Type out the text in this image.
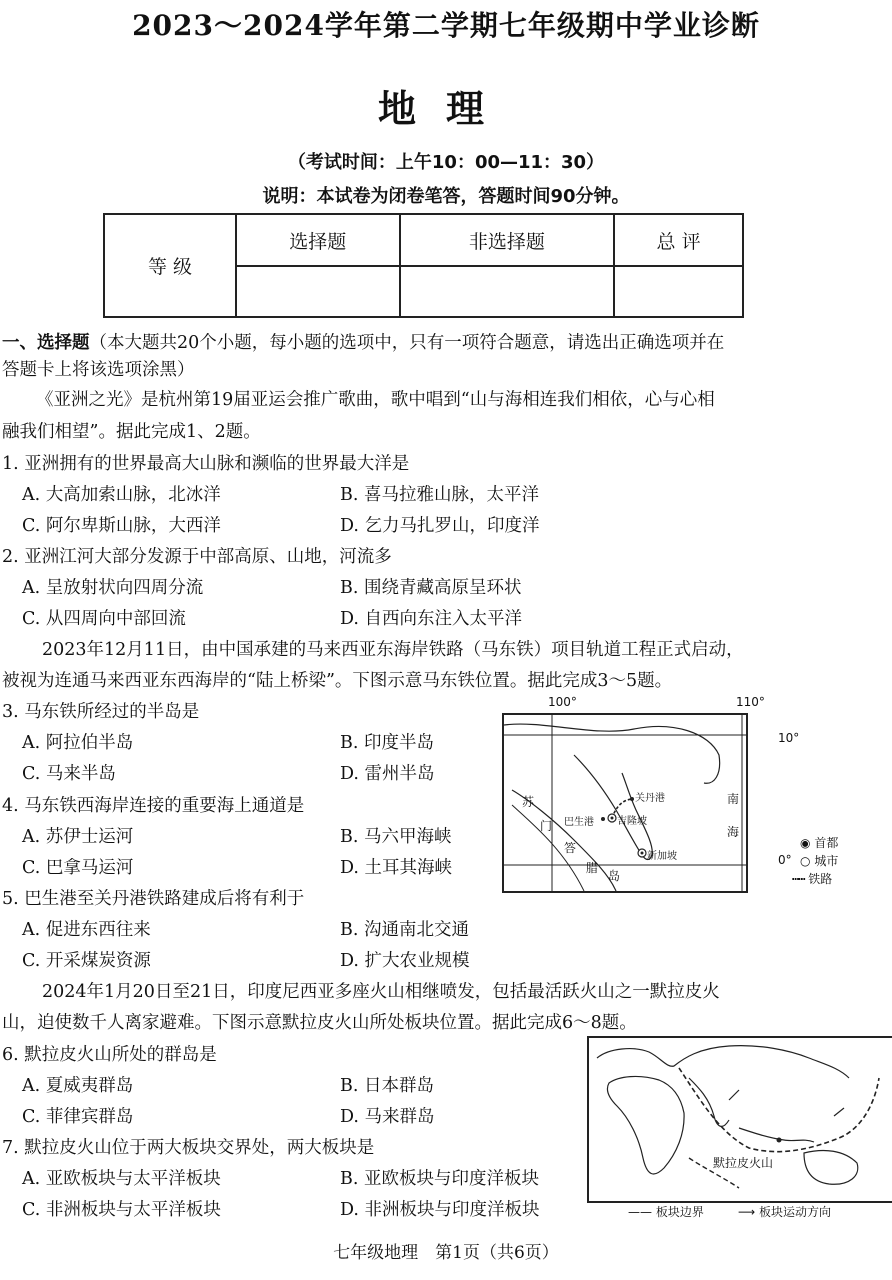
2023～2024学年第二学期七年级期中学业诊断
地理
（考试时间：上午10：00—11：30）
说明：本试卷为闭卷笔答，答题时间90分钟。
等 级	选择题	非选择题	总 评

一、选择题（本大题共20个小题，每小题的选项中，只有一项符合题意，请选出正确选项并在
答题卡上将该选项涂黑）
《亚洲之光》是杭州第19届亚运会推广歌曲，歌中唱到“山与海相连我们相依，心与心相
融我们相望”。据此完成1、2题。
1. 亚洲拥有的世界最高大山脉和濒临的世界最大洋是
A. 大高加索山脉，北冰洋	B. 喜马拉雅山脉，太平洋
C. 阿尔卑斯山脉，大西洋	D. 乞力马扎罗山，印度洋
2. 亚洲江河大部分发源于中部高原、山地，河流多
A. 呈放射状向四周分流	B. 围绕青藏高原呈环状
C. 从四周向中部回流	D. 自西向东注入太平洋
2023年12月11日，由中国承建的马来西亚东海岸铁路（马东铁）项目轨道工程正式启动，
被视为连通马来西亚东西海岸的“陆上桥梁”。下图示意马东铁位置。据此完成3～5题。
3. 马东铁所经过的半岛是
A. 阿拉伯半岛	B. 印度半岛
C. 马来半岛	D. 雷州半岛
4. 马东铁西海岸连接的重要海上通道是
A. 苏伊士运河	B. 马六甲海峡
C. 巴拿马运河	D. 土耳其海峡
5. 巴生港至关丹港铁路建成后将有利于
A. 促进东西往来	B. 沟通南北交通
C. 开采煤炭资源	D. 扩大农业规模
2024年1月20日至21日，印度尼西亚多座火山相继喷发，包括最活跃火山之一默拉皮火
山，迫使数千人离家避难。下图示意默拉皮火山所处板块位置。据此完成6～8题。
6. 默拉皮火山所处的群岛是
A. 夏威夷群岛	B. 日本群岛
C. 菲律宾群岛	D. 马来群岛
7. 默拉皮火山位于两大板块交界处，两大板块是
A. 亚欧板块与太平洋板块	B. 亚欧板块与印度洋板块
C. 非洲板块与太平洋板块	D. 非洲板块与印度洋板块
100°	110°
南
海
苏
门
答
腊
岛
关丹港
巴生港 吉隆坡
新加坡
10°
0°
◉ 首都
○ 城市
┅┅ 铁路
默拉皮火山
—— 板块边界	⟶ 板块运动方向
七年级地理　第1页（共6页）
